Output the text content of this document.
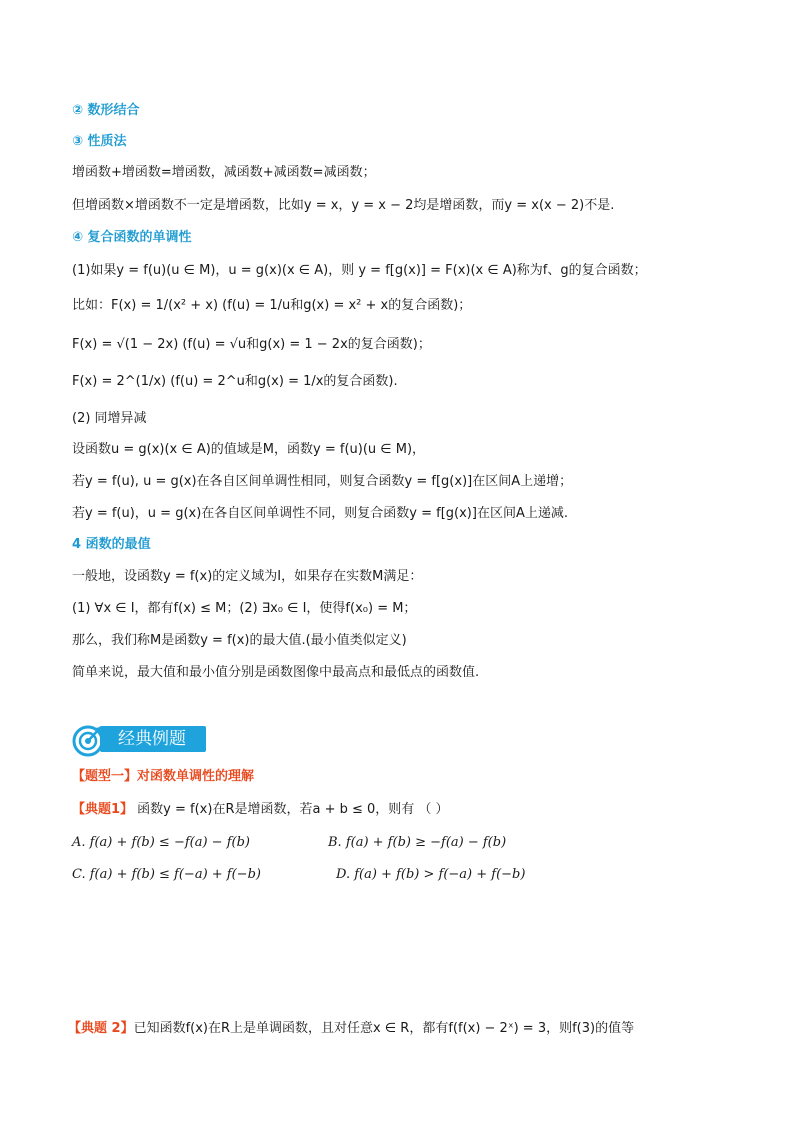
② 数形结合
③ 性质法
增函数+增函数=增函数，减函数+减函数=减函数；
但增函数×增函数不一定是增函数，比如y = x，y = x − 2均是增函数，而y = x(x − 2)不是.
④ 复合函数的单调性
(1)如果y = f(u)(u ∈ M)，u = g(x)(x ∈ A)，则 y = f[g(x)] = F(x)(x ∈ A)称为f、g的复合函数；
比如：F(x) = 1/(x² + x) (f(u) = 1/u和g(x) = x² + x的复合函数)；
F(x) = √(1 − 2x) (f(u) = √u和g(x) = 1 − 2x的复合函数)；
F(x) = 2^(1/x) (f(u) = 2^u和g(x) = 1/x的复合函数).
(2) 同增异减
设函数u = g(x)(x ∈ A)的值域是M，函数y = f(u)(u ∈ M)，
若y = f(u), u = g(x)在各自区间单调性相同，则复合函数y = f[g(x)]在区间A上递增；
若y = f(u)，u = g(x)在各自区间单调性不同，则复合函数y = f[g(x)]在区间A上递减.
4 函数的最值
一般地，设函数y = f(x)的定义域为I，如果存在实数M满足：
(1) ∀x ∈ I，都有f(x) ≤ M；(2) ∃x₀ ∈ I，使得f(x₀) = M；
那么，我们称M是函数y = f(x)的最大值.(最小值类似定义)
简单来说，最大值和最小值分别是函数图像中最高点和最低点的函数值.
经典例题
【题型一】对函数单调性的理解
【典题1】 函数y = f(x)在R是增函数，若a + b ≤ 0，则有 （ ）
A. f(a) + f(b) ≤ −f(a) − f(b)	B. f(a) + f(b) ≥ −f(a) − f(b)
C. f(a) + f(b) ≤ f(−a) + f(−b)	D. f(a) + f(b) > f(−a) + f(−b)
【典题 2】已知函数f(x)在R上是单调函数，且对任意x ∈ R，都有f(f(x) − 2ˣ) = 3，则f(3)的值等
